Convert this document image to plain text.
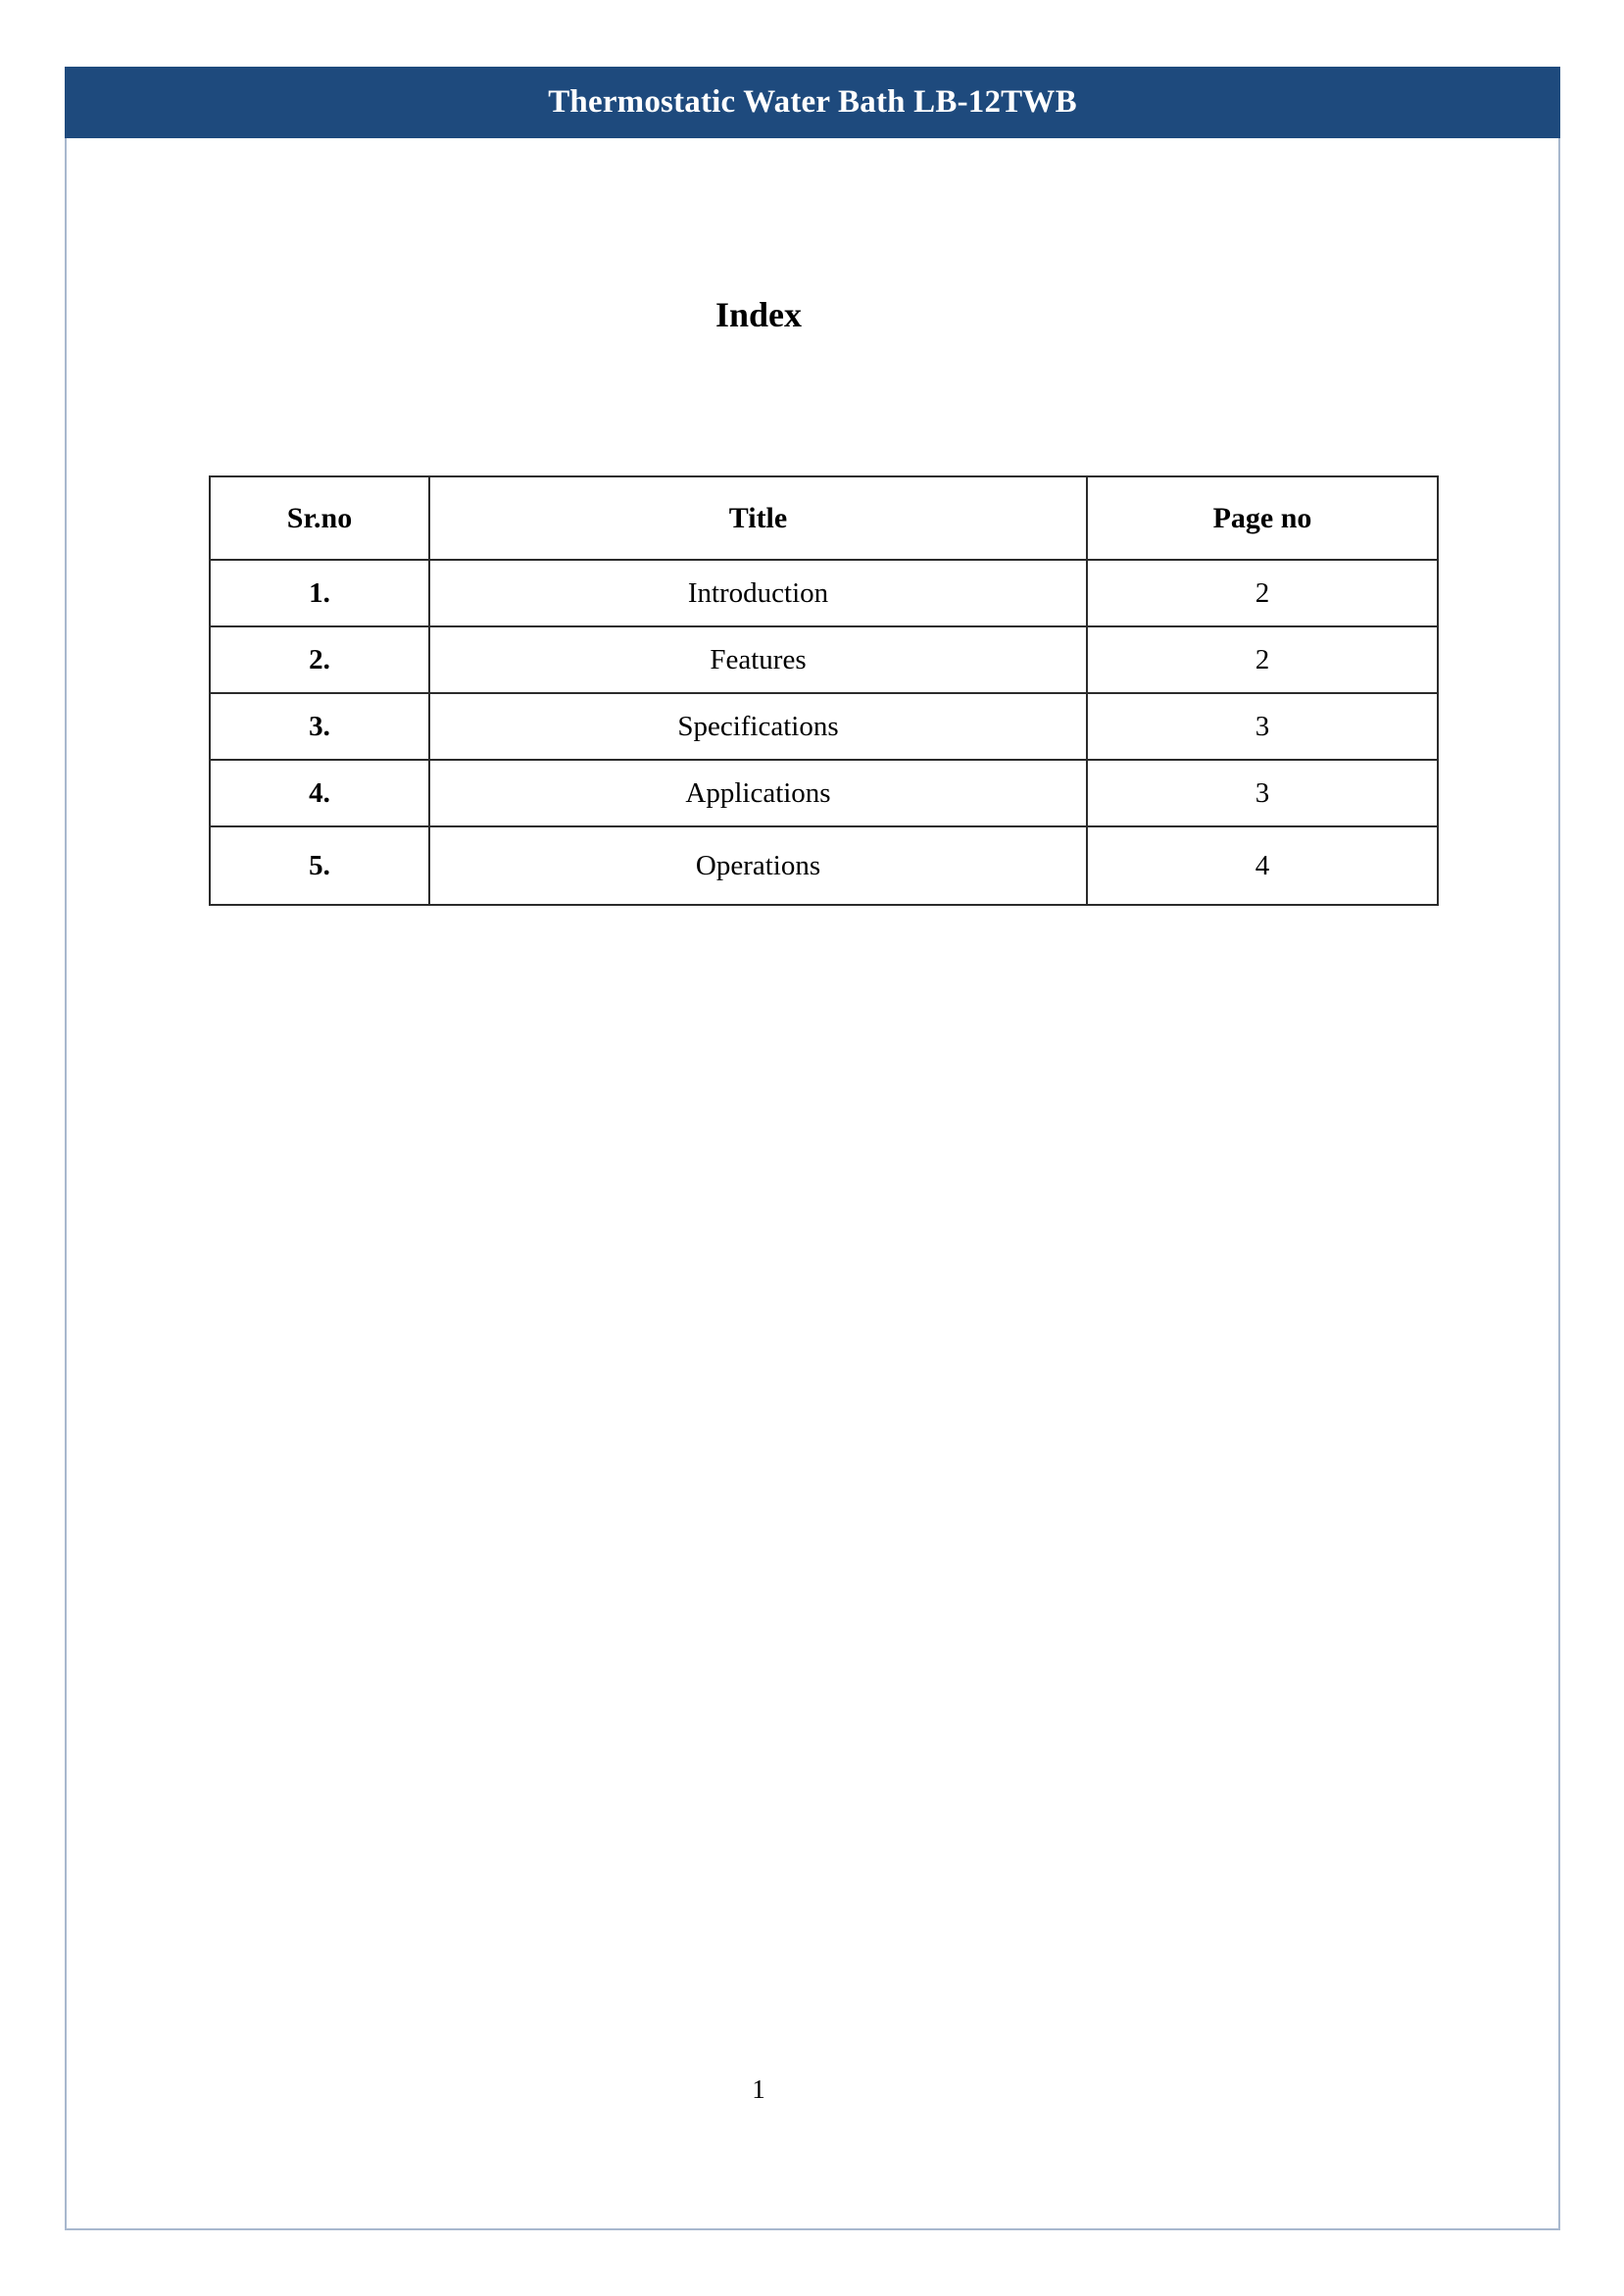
Thermostatic Water Bath LB-12TWB
Index
Sr.no	Title	Page no
1.	Introduction	2
2.	Features	2
3.	Specifications	3
4.	Applications	3
5.	Operations	4
1
